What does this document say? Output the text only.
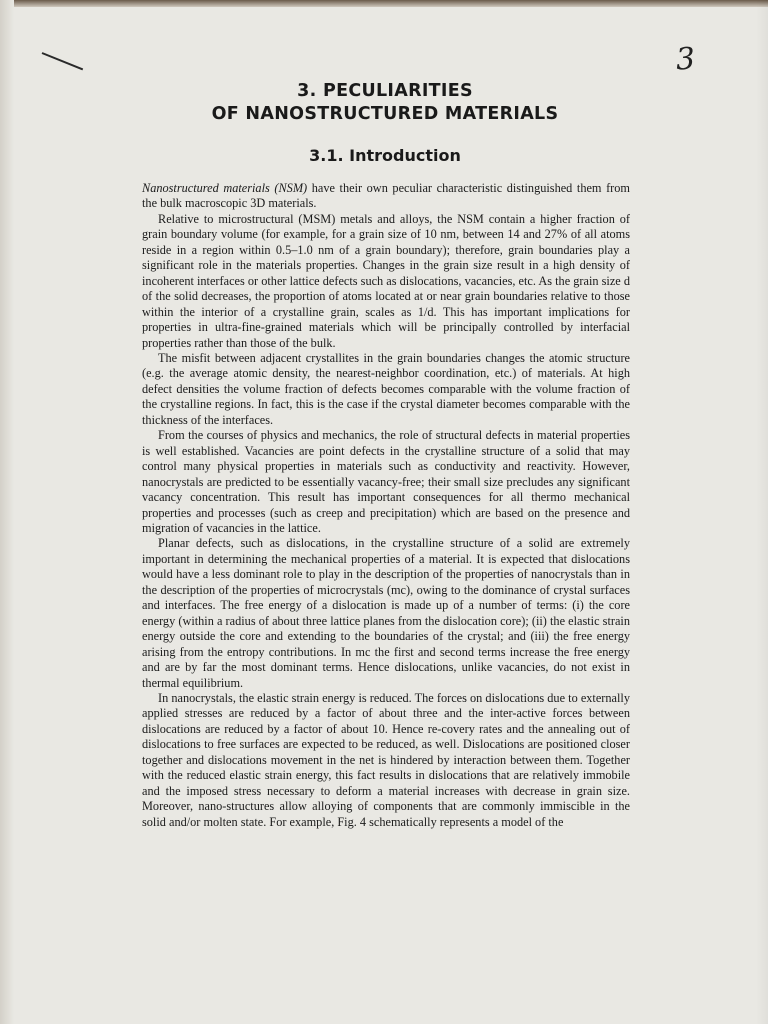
3
3. PECULIARITIES
OF NANOSTRUCTURED MATERIALS
3.1. Introduction

Nanostructured materials (NSM) have their own peculiar characteristic distinguished them from the bulk macroscopic 3D materials.

Relative to microstructural (MSM) metals and alloys, the NSM contain a higher fraction of grain boundary volume (for example, for a grain size of 10 nm, between 14 and 27% of all atoms reside in a region within 0.5–1.0 nm of a grain boundary); therefore, grain boundaries play a significant role in the materials properties. Changes in the grain size result in a high density of incoherent interfaces or other lattice defects such as dislocations, vacancies, etc. As the grain size d of the solid decreases, the proportion of atoms located at or near grain boundaries relative to those within the interior of a crystalline grain, scales as 1/d. This has important implications for properties in ultra-fine-grained materials which will be principally controlled by interfacial properties rather than those of the bulk.

The misfit between adjacent crystallites in the grain boundaries changes the atomic structure (e.g. the average atomic density, the nearest-neighbor coordination, etc.) of materials. At high defect densities the volume fraction of defects becomes comparable with the volume fraction of the crystalline regions. In fact, this is the case if the crystal diameter becomes comparable with the thickness of the interfaces.

From the courses of physics and mechanics, the role of structural defects in material properties is well established. Vacancies are point defects in the crystalline structure of a solid that may control many physical properties in materials such as conductivity and reactivity. However, nanocrystals are predicted to be essentially vacancy-free; their small size precludes any significant vacancy concentration. This result has important consequences for all thermo mechanical properties and processes (such as creep and precipitation) which are based on the presence and migration of vacancies in the lattice.

Planar defects, such as dislocations, in the crystalline structure of a solid are extremely important in determining the mechanical properties of a material. It is expected that dislocations would have a less dominant role to play in the description of the properties of nanocrystals than in the description of the properties of microcrystals (mc), owing to the dominance of crystal surfaces and interfaces. The free energy of a dislocation is made up of a number of terms: (i) the core energy (within a radius of about three lattice planes from the dislocation core); (ii) the elastic strain energy outside the core and extending to the boundaries of the crystal; and (iii) the free energy arising from the entropy contributions. In mc the first and second terms increase the free energy and are by far the most dominant terms. Hence dislocations, unlike vacancies, do not exist in thermal equilibrium.

In nanocrystals, the elastic strain energy is reduced. The forces on dislocations due to externally applied stresses are reduced by a factor of about three and the inter-active forces between dislocations are reduced by a factor of about 10. Hence re-covery rates and the annealing out of dislocations to free surfaces are expected to be reduced, as well. Dislocations are positioned closer together and dislocations movement in the net is hindered by interaction between them. Together with the reduced elastic strain energy, this fact results in dislocations that are relatively immobile and the imposed stress necessary to deform a material increases with decrease in grain size. Moreover, nano-structures allow alloying of components that are commonly immiscible in the solid and/or molten state. For example, Fig. 4 schematically represents a model of the
